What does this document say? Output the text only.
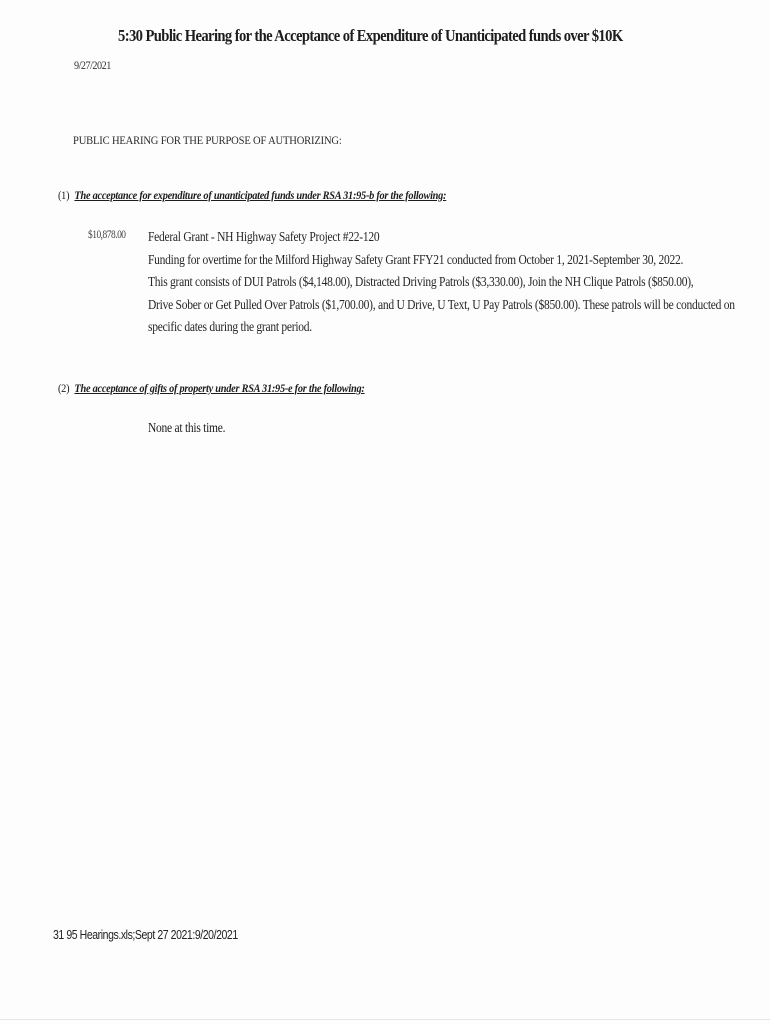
5:30 Public Hearing for the Acceptance of Expenditure of Unanticipated funds over $10K
9/27/2021
PUBLIC HEARING FOR THE PURPOSE OF AUTHORIZING:
(1) The acceptance for expenditure of unanticipated funds under RSA 31:95-b for the following:
$10,878.00 Federal Grant - NH Highway Safety Project #22-120
Funding for overtime for the Milford Highway Safety Grant FFY21 conducted from October 1, 2021-September 30, 2022.
This grant consists of DUI Patrols ($4,148.00), Distracted Driving Patrols ($3,330.00), Join the NH Clique Patrols ($850.00),
Drive Sober or Get Pulled Over Patrols ($1,700.00), and U Drive, U Text, U Pay Patrols ($850.00). These patrols will be conducted on
specific dates during the grant period.
(2) The acceptance of gifts of property under RSA 31:95-e for the following:
None at this time.
31 95 Hearings.xls;Sept 27 2021:9/20/2021
